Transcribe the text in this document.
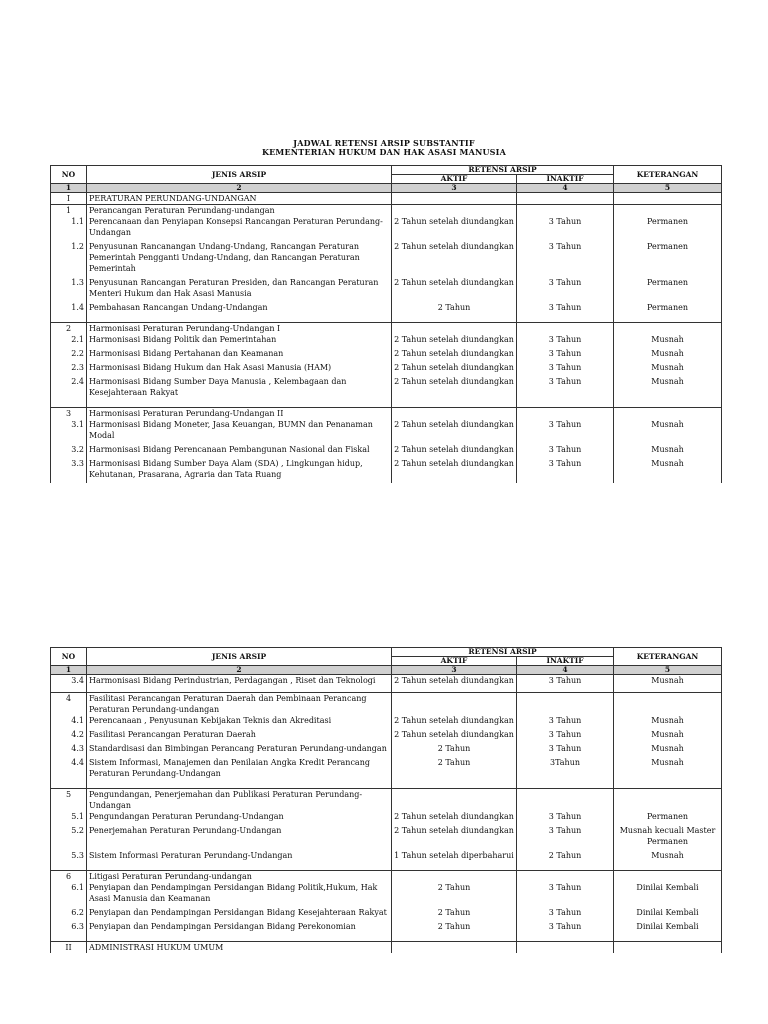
JADWAL RETENSI ARSIP SUBSTANTIF
KEMENTERIAN HUKUM DAN HAK ASASI MANUSIA
NO	JENIS ARSIP	RETENSI ARSIP		KETERANGAN
		AKTIF	INAKTIF	
1	2	3	4	5
I	PERATURAN PERUNDANG-UNDANGAN			
1	Perancangan Peraturan Perundang-undangan			
1.1	Perencanaan dan Penyiapan Konsepsi Rancangan Peraturan Perundang-Undangan	2 Tahun setelah diundangkan	3 Tahun	Permanen
1.2	Penyusunan Rancanangan Undang-Undang, Rancangan Peraturan Pemerintah Pengganti Undang-Undang, dan Rancangan Peraturan Pemerintah	2 Tahun setelah diundangkan	3 Tahun	Permanen
1.3	Penyusunan Rancangan Peraturan Presiden, dan Rancangan Peraturan Menteri Hukum dan Hak Asasi Manusia	2 Tahun setelah diundangkan	3 Tahun	Permanen
1.4	Pembahasan Rancangan Undang-Undangan	2 Tahun	3 Tahun	Permanen

2	Harmonisasi Peraturan Perundang-Undangan I			
2.1	Harmonisasi Bidang Politik dan Pemerintahan	2 Tahun setelah diundangkan	3 Tahun	Musnah
2.2	Harmonisasi Bidang Pertahanan dan Keamanan	2 Tahun setelah diundangkan	3 Tahun	Musnah
2.3	Harmonisasi Bidang Hukum dan Hak Asasi Manusia (HAM)	2 Tahun setelah diundangkan	3 Tahun	Musnah
2.4	Harmonisasi Bidang Sumber Daya Manusia , Kelembagaan dan Kesejahteraan Rakyat	2 Tahun setelah diundangkan	3 Tahun	Musnah

3	Harmonisasi Peraturan Perundang-Undangan II			
3.1	Harmonisasi Bidang Moneter, Jasa Keuangan, BUMN dan Penanaman Modal	2 Tahun setelah diundangkan	3 Tahun	Musnah
3.2	Harmonisasi Bidang Perencanaan Pembangunan Nasional dan Fiskal	2 Tahun setelah diundangkan	3 Tahun	Musnah
3.3	Harmonisasi Bidang Sumber Daya Alam (SDA) , Lingkungan hidup, Kehutanan, Prasarana, Agraria dan Tata Ruang	2 Tahun setelah diundangkan	3 Tahun	Musnah
NO	JENIS ARSIP	RETENSI ARSIP		KETERANGAN
		AKTIF	INAKTIF	
1	2	3	4	5
3.4	Harmonisasi Bidang Perindustrian, Perdagangan , Riset dan Teknologi	2 Tahun setelah diundangkan	3 Tahun	Musnah

4	Fasilitasi Perancangan Peraturan Daerah dan Pembinaan Perancang Peraturan Perundang-undangan			
4.1	Perencanaan , Penyusunan Kebijakan Teknis dan Akreditasi	2 Tahun setelah diundangkan	3 Tahun	Musnah
4.2	Fasilitasi Perancangan Peraturan Daerah	2 Tahun setelah diundangkan	3 Tahun	Musnah
4.3	Standardisasi dan Bimbingan Perancang Peraturan Perundang-undangan	2 Tahun	3 Tahun	Musnah
4.4	Sistem Informasi, Manajemen dan Penilaian Angka Kredit Perancang Peraturan Perundang-Undangan	2 Tahun	3Tahun	Musnah

5	Pengundangan, Penerjemahan dan Publikasi Peraturan Perundang-Undangan			
5.1	Pengundangan Peraturan Perundang-Undangan	2 Tahun setelah diundangkan	3 Tahun	Permanen
5.2	Penerjemahan Peraturan Perundang-Undangan	2 Tahun setelah diundangkan	3 Tahun	Musnah kecuali Master Permanen
5.3	Sistem Informasi Peraturan Perundang-Undangan	1 Tahun setelah diperbaharui	2 Tahun	Musnah

6	Litigasi Peraturan Perundang-undangan			
6.1	Penyiapan dan Pendampingan Persidangan Bidang Politik,Hukum, Hak Asasi Manusia dan Keamanan	2 Tahun	3 Tahun	Dinilai Kembali
6.2	Penyiapan dan Pendampingan Persidangan Bidang Kesejahteraan Rakyat	2 Tahun	3 Tahun	Dinilai Kembali
6.3	Penyiapan dan Pendampingan Persidangan Bidang Perekonomian	2 Tahun	3 Tahun	Dinilai Kembali

II	ADMINISTRASI HUKUM UMUM			
